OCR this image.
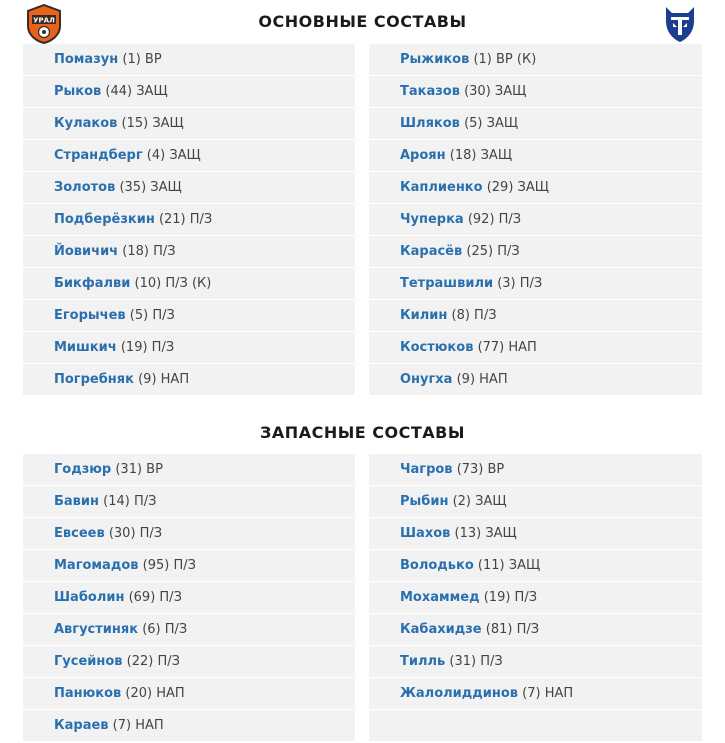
УРАЛ	ОСНОВНЫЕ СОСТАВЫ
Помазун (1) ВР
Рыков (44) ЗАЩ
Кулаков (15) ЗАЩ
Страндберг (4) ЗАЩ
Золотов (35) ЗАЩ
Подберёзкин (21) П/З
Йовичич (18) П/З
Бикфалви (10) П/З (К)
Егорычев (5) П/З
Мишкич (19) П/З
Погребняк (9) НАП
Рыжиков (1) ВР (К)
Таказов (30) ЗАЩ
Шляков (5) ЗАЩ
Ароян (18) ЗАЩ
Каплиенко (29) ЗАЩ
Чуперка (92) П/З
Карасёв (25) П/З
Тетрашвили (3) П/З
Килин (8) П/З
Костюков (77) НАП
Онугха (9) НАП
ЗАПАСНЫЕ СОСТАВЫ
Годзюр (31) ВР
Бавин (14) П/З
Евсеев (30) П/З
Магомадов (95) П/З
Шаболин (69) П/З
Августиняк (6) П/З
Гусейнов (22) П/З
Панюков (20) НАП
Караев (7) НАП
Чагров (73) ВР
Рыбин (2) ЗАЩ
Шахов (13) ЗАЩ
Володько (11) ЗАЩ
Мохаммед (19) П/З
Кабахидзе (81) П/З
Тилль (31) П/З
Жалолиддинов (7) НАП
